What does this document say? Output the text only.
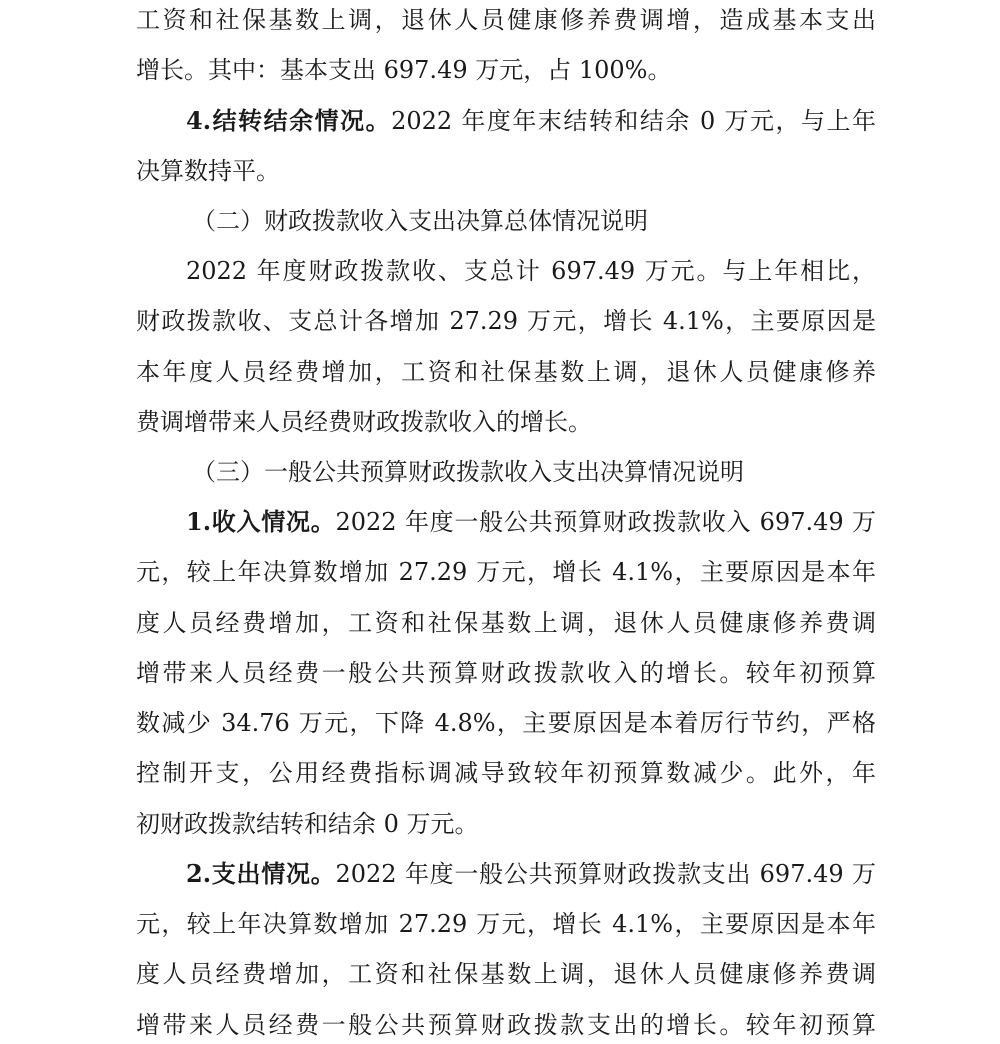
工资和社保基数上调，退休人员健康修养费调增，造成基本支出
增长。其中：基本支出 697.49 万元，占 100%。
4.结转结余情况。2022 年度年末结转和结余 0 万元，与上年
决算数持平。
（二）财政拨款收入支出决算总体情况说明
2022 年度财政拨款收、支总计 697.49 万元。与上年相比，
财政拨款收、支总计各增加 27.29 万元，增长 4.1%，主要原因是
本年度人员经费增加，工资和社保基数上调，退休人员健康修养
费调增带来人员经费财政拨款收入的增长。
（三）一般公共预算财政拨款收入支出决算情况说明
1.收入情况。2022 年度一般公共预算财政拨款收入 697.49 万
元，较上年决算数增加 27.29 万元，增长 4.1%，主要原因是本年
度人员经费增加，工资和社保基数上调，退休人员健康修养费调
增带来人员经费一般公共预算财政拨款收入的增长。较年初预算
数减少 34.76 万元，下降 4.8%，主要原因是本着厉行节约，严格
控制开支，公用经费指标调减导致较年初预算数减少。此外，年
初财政拨款结转和结余 0 万元。
2.支出情况。2022 年度一般公共预算财政拨款支出 697.49 万
元，较上年决算数增加 27.29 万元，增长 4.1%，主要原因是本年
度人员经费增加，工资和社保基数上调，退休人员健康修养费调
增带来人员经费一般公共预算财政拨款支出的增长。较年初预算
